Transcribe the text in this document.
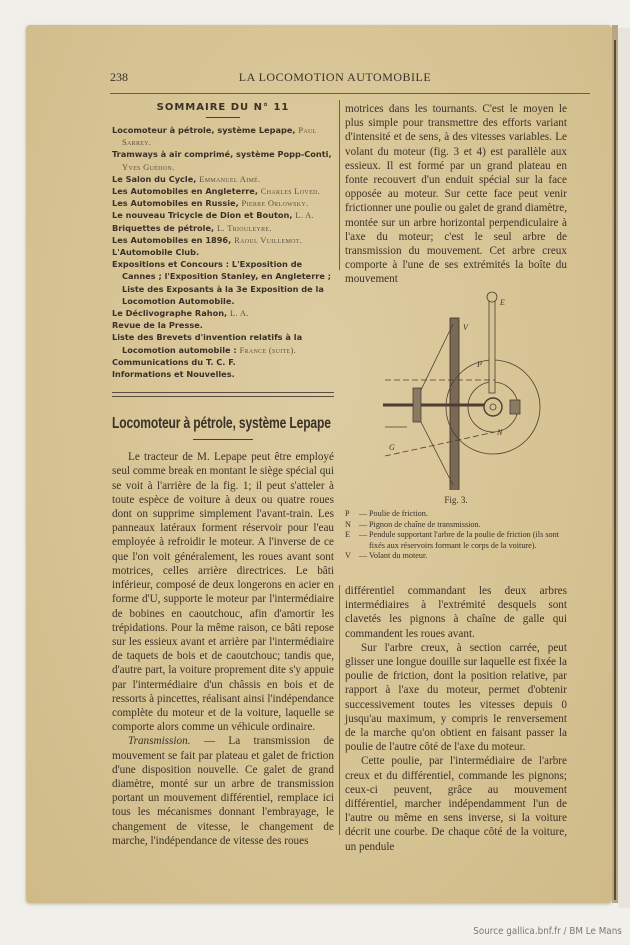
238	LA LOCOMOTION AUTOMOBILE
SOMMAIRE DU N° 11
Locomoteur à pétrole, système Lepape, Paul Sarrey.
Tramways à air comprimé, système Popp-Conti, Yves Guédon.
Le Salon du Cycle, Emmanuel Aimé.
Les Automobiles en Angleterre, Charles Loved.
Les Automobiles en Russie, Pierre Orlowsky.
Le nouveau Tricycle de Dion et Bouton, L. A.
Briquettes de pétrole, L. Triouleyre.
Les Automobiles en 1896, Raoul Vuillemot.
L'Automobile Club.
Expositions et Concours : L'Exposition de Cannes ; l'Exposition Stanley, en Angleterre ; Liste des Exposants à la 3e Exposition de la Locomotion Automobile.
Le Déclivographe Rahon, L. A.
Revue de la Presse.
Liste des Brevets d'invention relatifs à la Locomotion automobile : France (suite).
Communications du T. C. F.
Informations et Nouvelles.
Locomoteur à pétrole, système Lepape

Le tracteur de M. Lepape peut être employé seul comme break en montant le siège spécial qui se voit à l'arrière de la fig. 1; il peut s'atteler à toute espèce de voiture à deux ou quatre roues dont on supprime simplement l'avant-train. Les panneaux latéraux forment réservoir pour l'eau employée à refroidir le moteur. A l'inverse de ce que l'on voit généralement, les roues avant sont motrices, celles arrière directrices. Le bâti inférieur, composé de deux longerons en acier en forme d'U, supporte le moteur par l'intermédiaire de bobines en caoutchouc, afin d'amortir les trépidations. Pour la même raison, ce bâti repose sur les essieux avant et arrière par l'intermédiaire de taquets de bois et de caoutchouc; tandis que, d'autre part, la voiture proprement dite s'y appuie par l'intermédiaire d'un châssis en bois et de ressorts à pincettes, réalisant ainsi l'indépendance complète du moteur et de la voiture, laquelle se comporte alors comme un véhicule ordinaire.

Transmission. — La transmission de mouvement se fait par plateau et galet de friction d'une disposition nouvelle. Ce galet de grand diamètre, monté sur un arbre de transmission portant un mouvement différentiel, remplace ici tous les mécanismes donnant l'embrayage, le changement de vitesse, le changement de marche, l'indépendance de vitesse des roues

motrices dans les tournants. C'est le moyen le plus simple pour transmettre des efforts variant d'intensité et de sens, à des vitesses variables. Le volant du moteur (fig. 3 et 4) est parallèle aux essieux. Il est formé par un grand plateau en fonte recouvert d'un enduit spécial sur la face opposée au moteur. Sur cette face peut venir frictionner une poulie ou galet de grand diamètre, montée sur un arbre horizontal perpendiculaire à l'axe du moteur; c'est le seul arbre de transmission du mouvement. Cet arbre creux comporte à l'une de ses extrémités la boîte du mouvement

E
V
P
N
G
Fig. 3.
P	— Poulie de friction.
N — Pignon de chaîne de transmission.
E	— Pendule supportant l'arbre de la poulie de friction (ils sont fixés aux réservoirs formant le corps de la voiture).
V — Volant du moteur.

différentiel commandant les deux arbres intermédiaires à l'extrémité desquels sont clavetés les pignons à chaîne de galle qui commandent les roues avant.

Sur l'arbre creux, à section carrée, peut glisser une longue douille sur laquelle est fixée la poulie de friction, dont la position relative, par rapport à l'axe du moteur, permet d'obtenir successivement toutes les vitesses depuis 0 jusqu'au maximum, y compris le renversement de la marche qu'on obtient en faisant passer la poulie de l'autre côté de l'axe du moteur.

Cette poulie, par l'intermédiaire de l'arbre creux et du différentiel, commande les pignons; ceux-ci peuvent, grâce au mouvement différentiel, marcher indépendamment l'un de l'autre ou même en sens inverse, si la voiture décrit une courbe. De chaque côté de la voiture, un pendule

Source gallica.bnf.fr / BM Le Mans
